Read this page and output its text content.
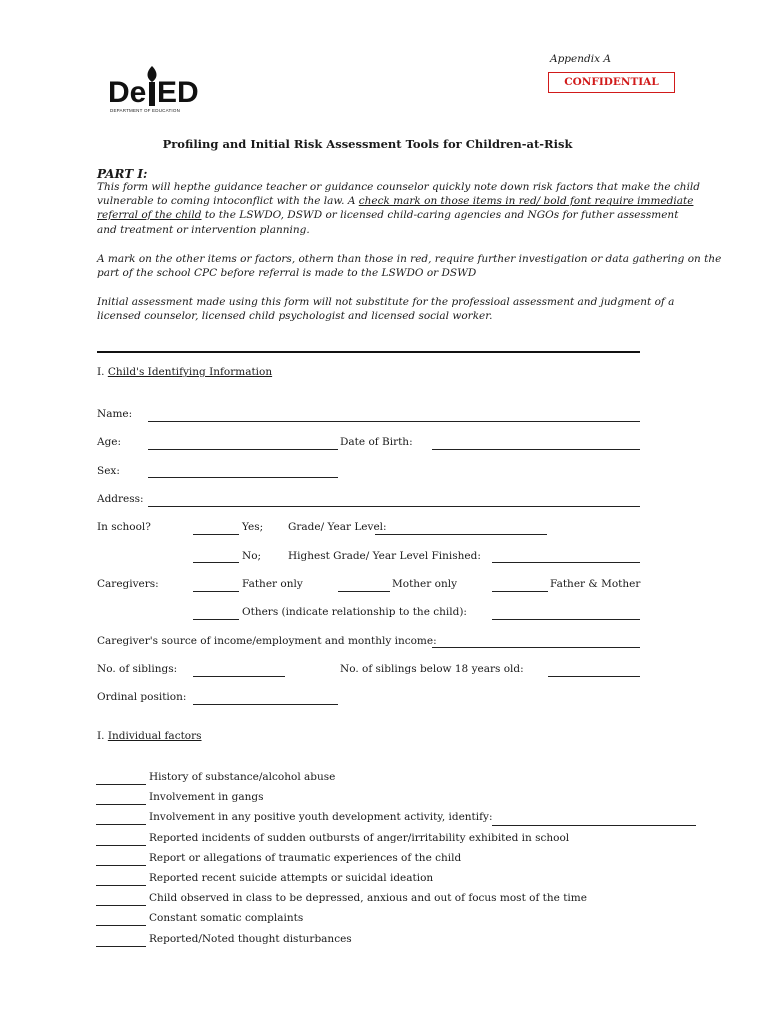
De ED
DEPARTMENT OF EDUCATION
Appendix A
CONFIDENTIAL
Profiling and Initial Risk Assessment Tools for Children-at-Risk
PART I:
This form will hepthe guidance teacher or guidance counselor quickly note down risk factors that make the child
vulnerable to coming intoconflict with the law. A check mark on those items in red/ bold font require immediate
referral of the child to the LSWDO, DSWD or licensed child-caring agencies and NGOs for futher assessment
and treatment or intervention planning.
A mark on the other items or factors, othern than those in red, require further investigation or data gathering on the
part of the school CPC before referral is made to the LSWDO or DSWD
Initial assessment made using this form will not substitute for the professioal assessment and judgment of a
licensed counselor, licensed child psychologist and licensed social worker.
I. Child's Identifying Information
Name:
Age:	Date of Birth:
Sex:
Address:
In school?	Yes; Grade/ Year Level:
No;	Highest Grade/ Year Level Finished:
Caregivers:	Father only	Mother only	Father & Mother
Others (indicate relationship to the child):
Caregiver's source of income/employment and monthly income:
No. of siblings:	No. of siblings below 18 years old:
Ordinal position:
I. Individual factors
History of substance/alcohol abuse
Involvement in gangs
Involvement in any positive youth development activity, identify:
Reported incidents of sudden outbursts of anger/irritability exhibited in school
Report or allegations of traumatic experiences of the child
Reported recent suicide attempts or suicidal ideation
Child observed in class to be depressed, anxious and out of focus most of the time
Constant somatic complaints
Reported/Noted thought disturbances
